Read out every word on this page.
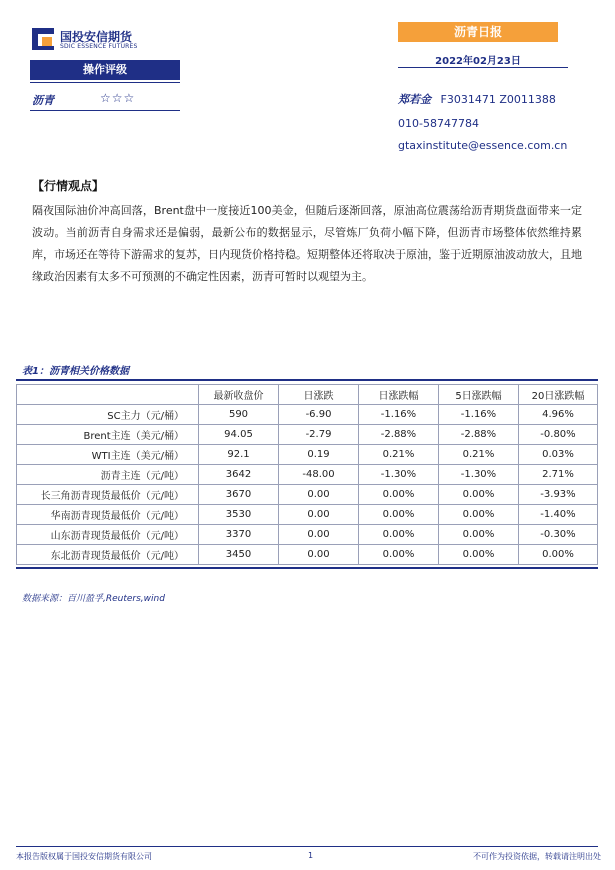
国投安信期货
SDIC ESSENCE FUTURES
沥青日报
2022年02月23日
操作评级
沥青	☆☆☆	郑若金 F3031471 Z0011388
010-58747784
gtaxinstitute@essence.com.cn
【行情观点】
隔夜国际油价冲高回落，Brent盘中一度接近100美金，但随后逐渐回落，原油高位震荡给沥青期货盘面带来一定波动。当前沥青自身需求还是偏弱，最新公布的数据显示，尽管炼厂负荷小幅下降，但沥青市场整体依然维持累库，市场还在等待下游需求的复苏，日内现货价格持稳。短期整体还将取决于原油，鉴于近期原油波动放大，且地缘政治因素有太多不可预测的不确定性因素，沥青可暂时以观望为主。
表1：沥青相关价格数据
	最新收盘价	日涨跌	日涨跌幅	5日涨跌幅	20日涨跌幅
SC主力（元/桶）	590	-6.90	-1.16%	-1.16%	4.96%
Brent主连（美元/桶）	94.05	-2.79	-2.88%	-2.88%	-0.80%
WTI主连（美元/桶）	92.1	0.19	0.21%	0.21%	0.03%
沥青主连（元/吨）	3642	-48.00	-1.30%	-1.30%	2.71%
长三角沥青现货最低价（元/吨）	3670	0.00	0.00%	0.00%	-3.93%
华南沥青现货最低价（元/吨）	3530	0.00	0.00%	0.00%	-1.40%
山东沥青现货最低价（元/吨）	3370	0.00	0.00%	0.00%	-0.30%
东北沥青现货最低价（元/吨）	3450	0.00	0.00%	0.00%	0.00%
数据来源：百川盈孚,Reuters,wind
本报告版权属于国投安信期货有限公司	1	不可作为投资依据，转载请注明出处
